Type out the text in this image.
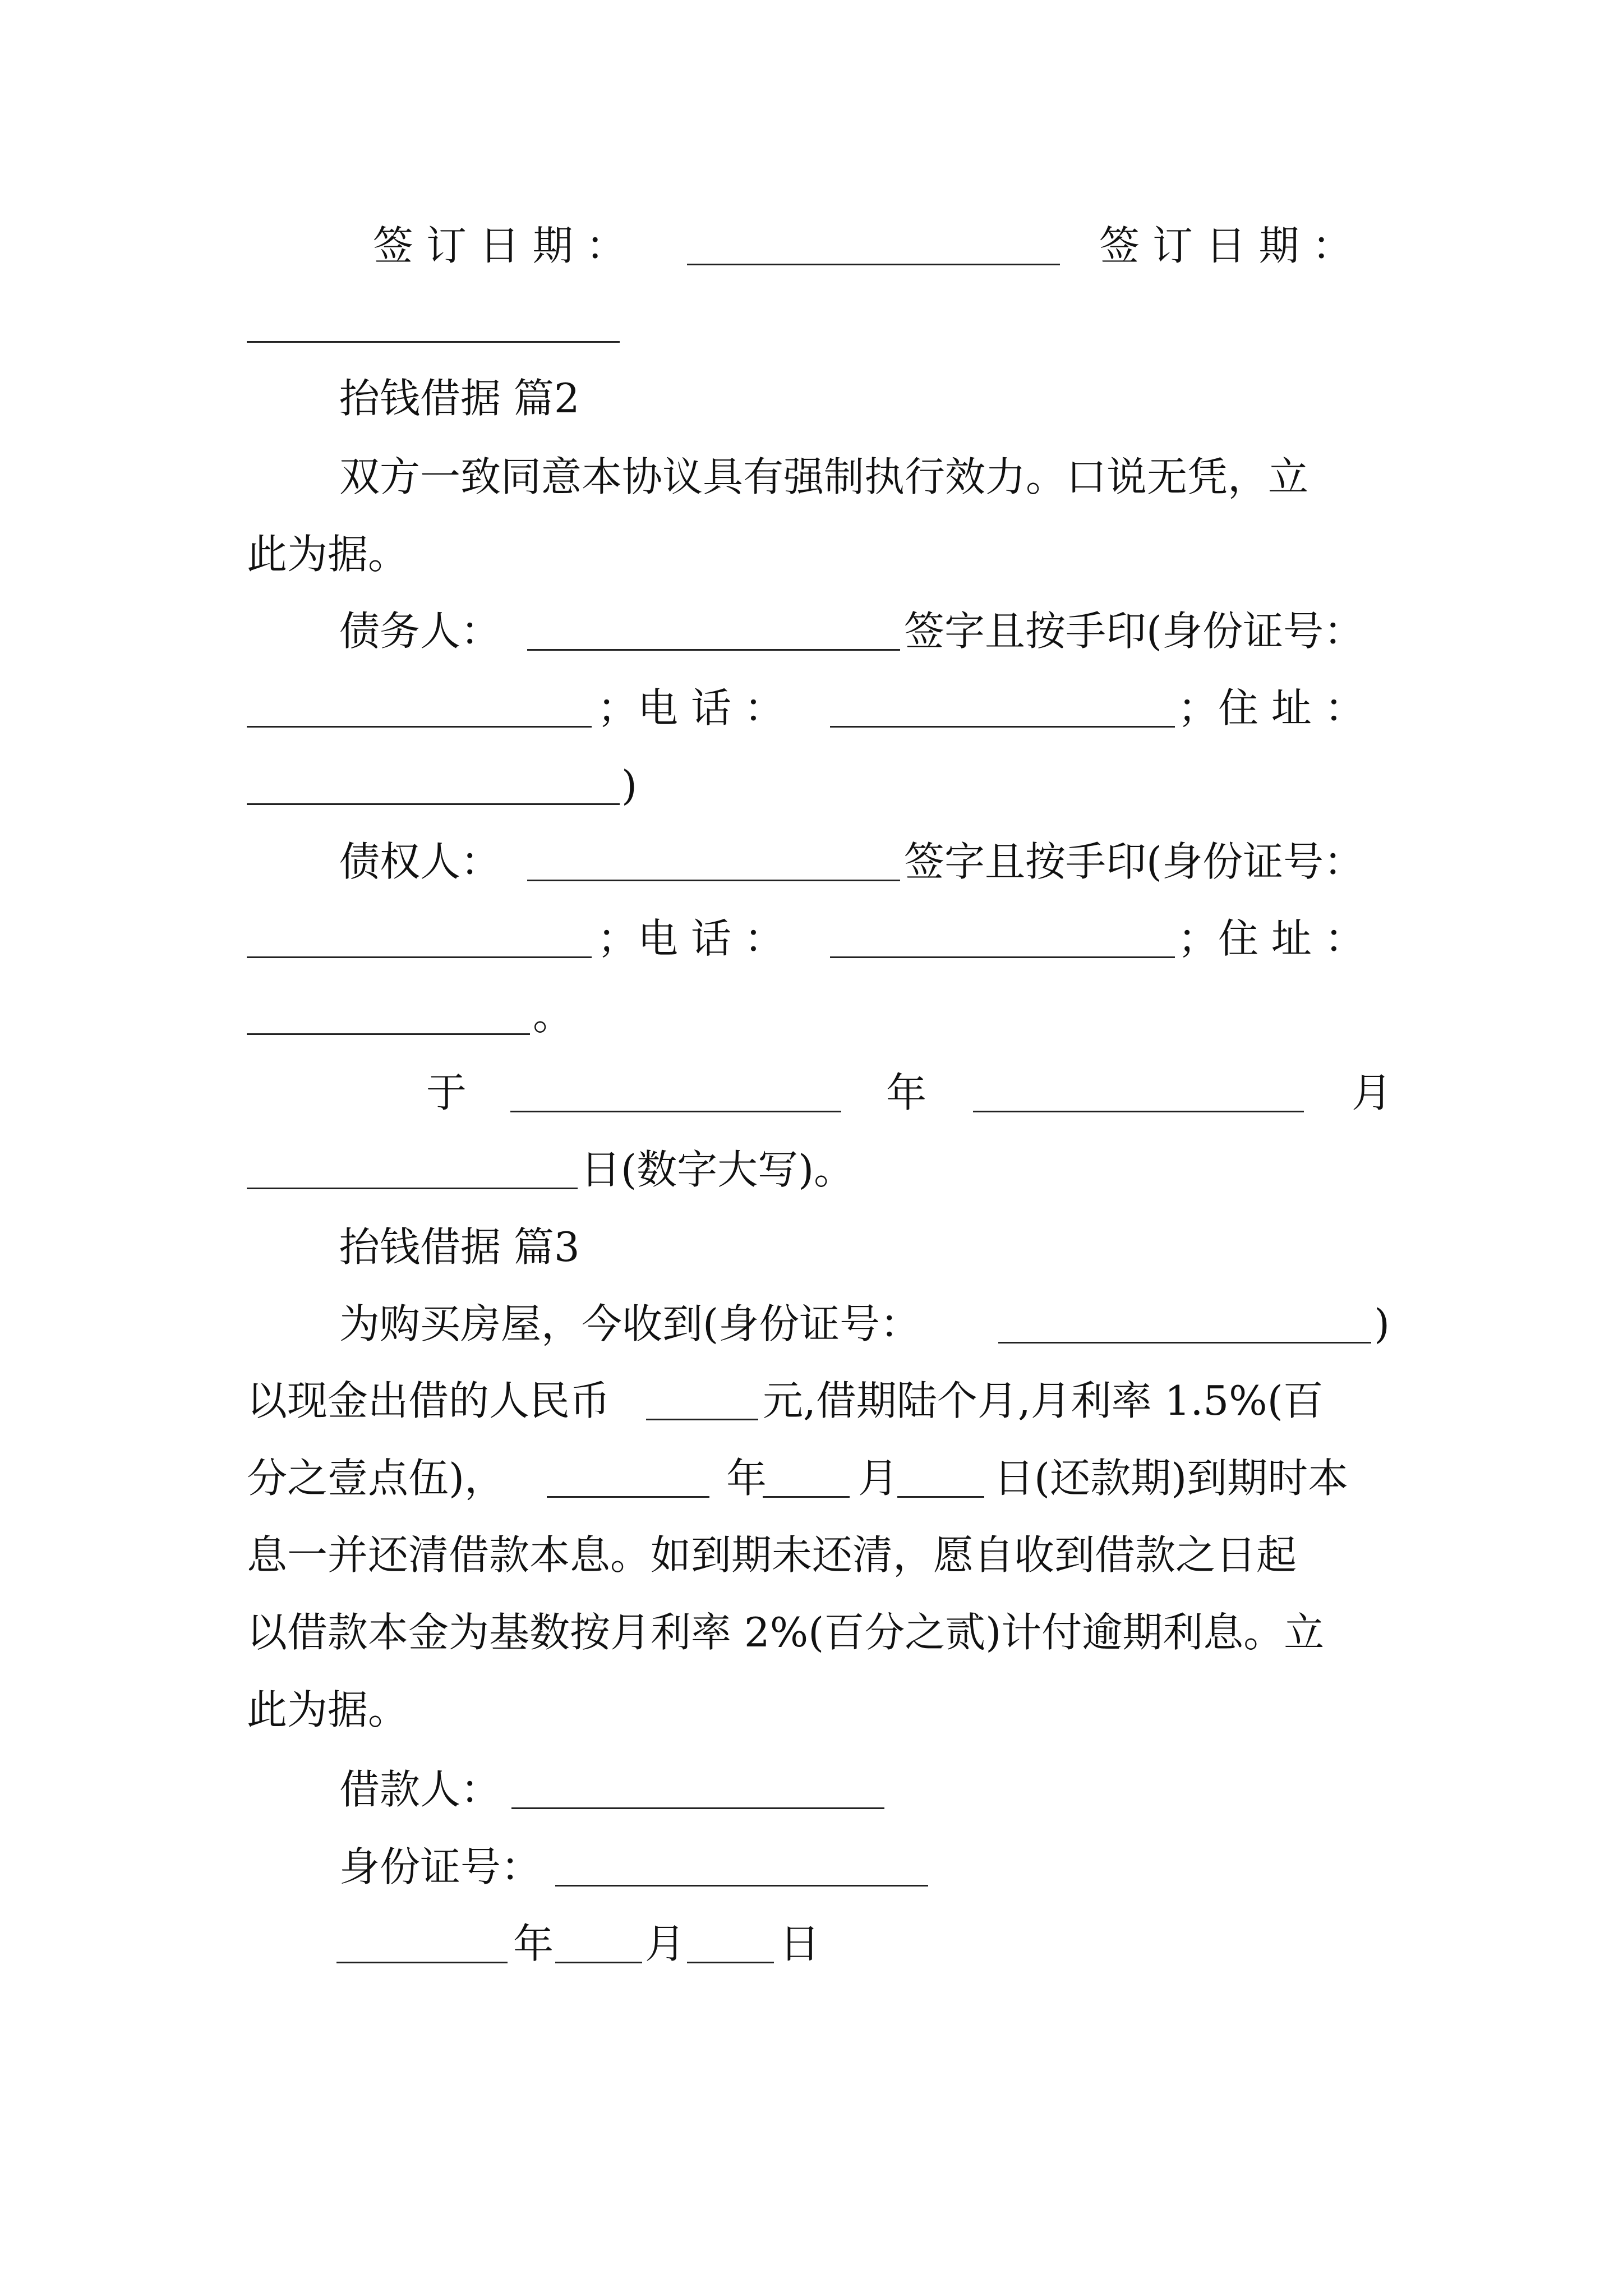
签 订 日 期 ：	签 订 日 期 ：
抬钱借据 篇2
双方一致同意本协议具有强制执行效力。口说无凭，立
此为据。
债务人：	签字且按手印(身份证号：
；电 话 ：	；住 址 ：
)
债权人：	签字且按手印(身份证号：
；电 话 ：	；住 址 ：
。
于	年	月
日(数字大写)。
抬钱借据 篇3
为购买房屋，今收到(身份证号：	)
以现金出借的人民币	元,借期陆个月,月利率 1.5%(百
分之壹点伍)，	年 月 日(还款期)到期时本
息一并还清借款本息。如到期未还清，愿自收到借款之日起
以借款本金为基数按月利率 2%(百分之贰)计付逾期利息。立
此为据。
借款人：
身份证号：
年 月 日
